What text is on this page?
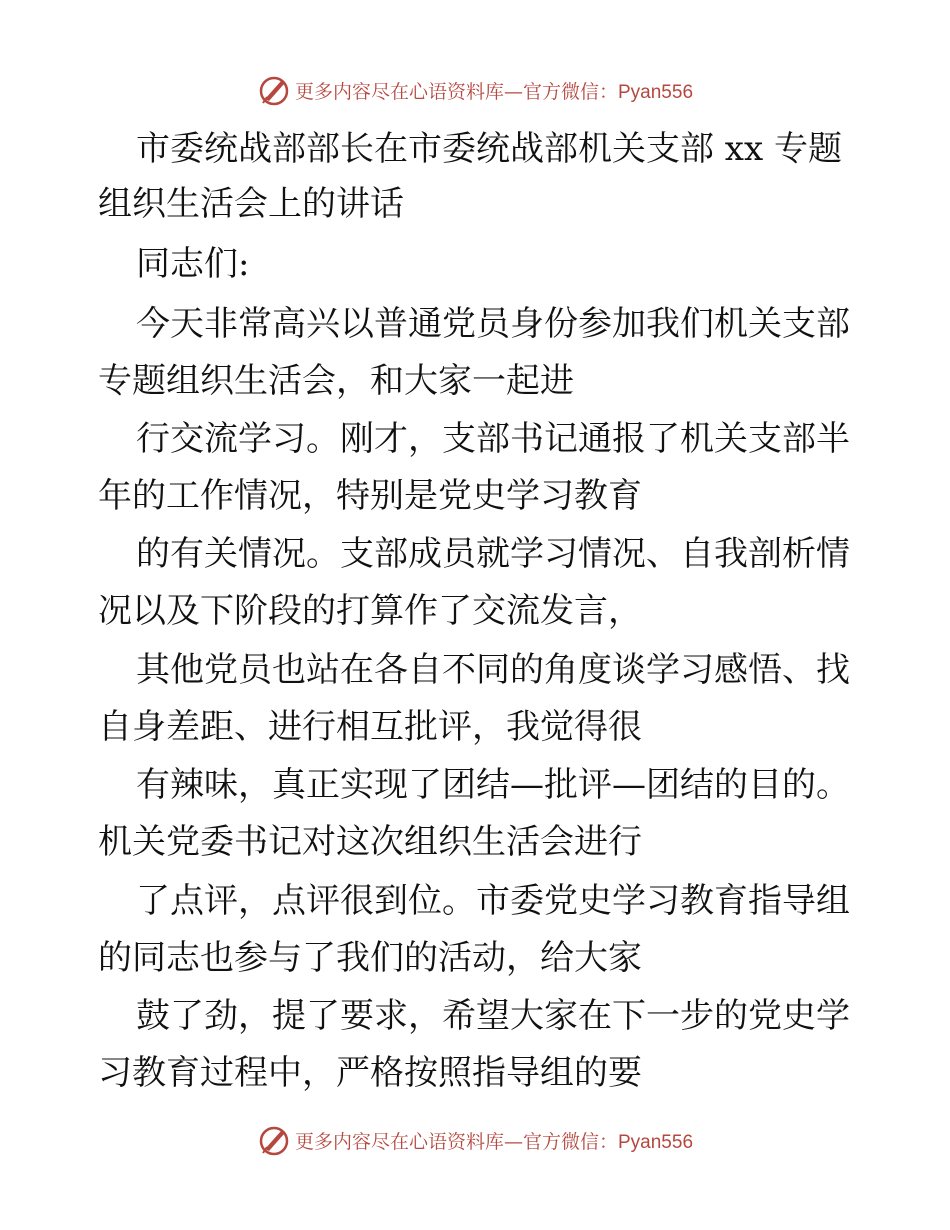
更多内容尽在心语资料库—官方微信：Pyan556
市委统战部部长在市委统战部机关支部 xx 专题
组织生活会上的讲话
同志们:
今天非常高兴以普通党员身份参加我们机关支部
专题组织生活会，和大家一起进
行交流学习。刚才，支部书记通报了机关支部半
年的工作情况，特别是党史学习教育
的有关情况。支部成员就学习情况、自我剖析情
况以及下阶段的打算作了交流发言，
其他党员也站在各自不同的角度谈学习感悟、找
自身差距、进行相互批评，我觉得很
有辣味，真正实现了团结—批评—团结的目的。
机关党委书记对这次组织生活会进行
了点评，点评很到位。市委党史学习教育指导组
的同志也参与了我们的活动，给大家
鼓了劲，提了要求，希望大家在下一步的党史学
习教育过程中，严格按照指导组的要
更多内容尽在心语资料库—官方微信：Pyan556
